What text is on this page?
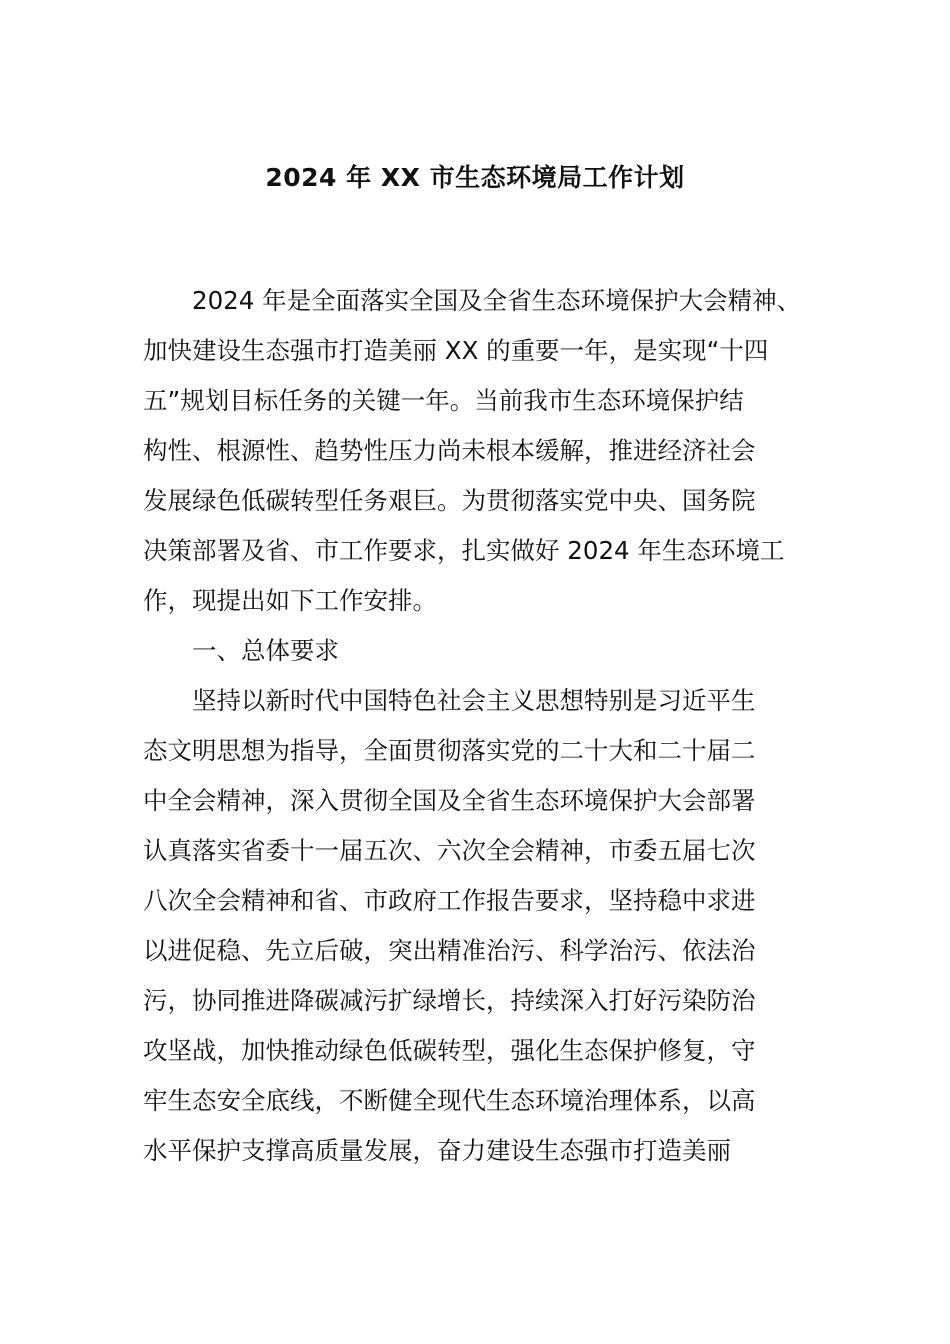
2024 年 XX 市生态环境局工作计划
　　2024 年是全面落实全国及全省生态环境保护大会精神、
加快建设生态强市打造美丽 XX 的重要一年，是实现“十四
五”规划目标任务的关键一年。当前我市生态环境保护结
构性、根源性、趋势性压力尚未根本缓解，推进经济社会
发展绿色低碳转型任务艰巨。为贯彻落实党中央、国务院
决策部署及省、市工作要求，扎实做好 2024 年生态环境工
作，现提出如下工作安排。
　　一、总体要求
　　坚持以新时代中国特色社会主义思想特别是习近平生
态文明思想为指导，全面贯彻落实党的二十大和二十届二
中全会精神，深入贯彻全国及全省生态环境保护大会部署
认真落实省委十一届五次、六次全会精神，市委五届七次
八次全会精神和省、市政府工作报告要求，坚持稳中求进
以进促稳、先立后破，突出精准治污、科学治污、依法治
污，协同推进降碳减污扩绿增长，持续深入打好污染防治
攻坚战，加快推动绿色低碳转型，强化生态保护修复，守
牢生态安全底线，不断健全现代生态环境治理体系，以高
水平保护支撑高质量发展，奋力建设生态强市打造美丽
